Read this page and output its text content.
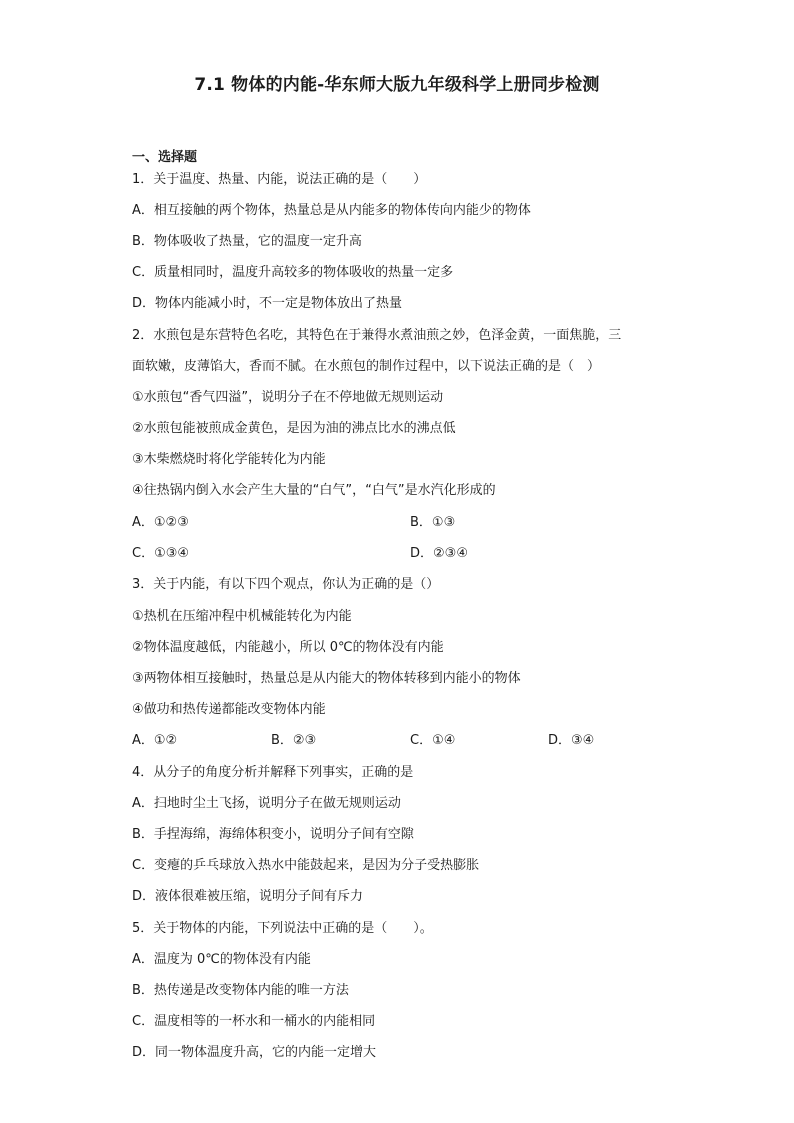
7.1 物体的内能-华东师大版九年级科学上册同步检测
一、选择题
1．关于温度、热量、内能，说法正确的是（　　）
A．相互接触的两个物体，热量总是从内能多的物体传向内能少的物体
B．物体吸收了热量，它的温度一定升高
C．质量相同时，温度升高较多的物体吸收的热量一定多
D．物体内能减小时，不一定是物体放出了热量
2．水煎包是东营特色名吃，其特色在于兼得水煮油煎之妙，色泽金黄，一面焦脆，三
面软嫩，皮薄馅大，香而不腻。在水煎包的制作过程中，以下说法正确的是（　）
①水煎包“香气四溢”，说明分子在不停地做无规则运动
②水煎包能被煎成金黄色，是因为油的沸点比水的沸点低
③木柴燃烧时将化学能转化为内能
④往热锅内倒入水会产生大量的“白气”，“白气”是水汽化形成的
A．①②③	B．①③
C．①③④	D．②③④
3．关于内能，有以下四个观点，你认为正确的是（）
①热机在压缩冲程中机械能转化为内能
②物体温度越低，内能越小，所以 0℃的物体没有内能
③两物体相互接触时，热量总是从内能大的物体转移到内能小的物体
④做功和热传递都能改变物体内能
A．①②	B．②③	C．①④	D．③④
4．从分子的角度分析并解释下列事实，正确的是
A．扫地时尘土飞扬，说明分子在做无规则运动
B．手捏海绵，海绵体积变小，说明分子间有空隙
C．变瘪的乒乓球放入热水中能鼓起来，是因为分子受热膨胀
D．液体很难被压缩，说明分子间有斥力
5．关于物体的内能，下列说法中正确的是（　　）。
A．温度为 0℃的物体没有内能
B．热传递是改变物体内能的唯一方法
C．温度相等的一杯水和一桶水的内能相同
D．同一物体温度升高，它的内能一定增大
